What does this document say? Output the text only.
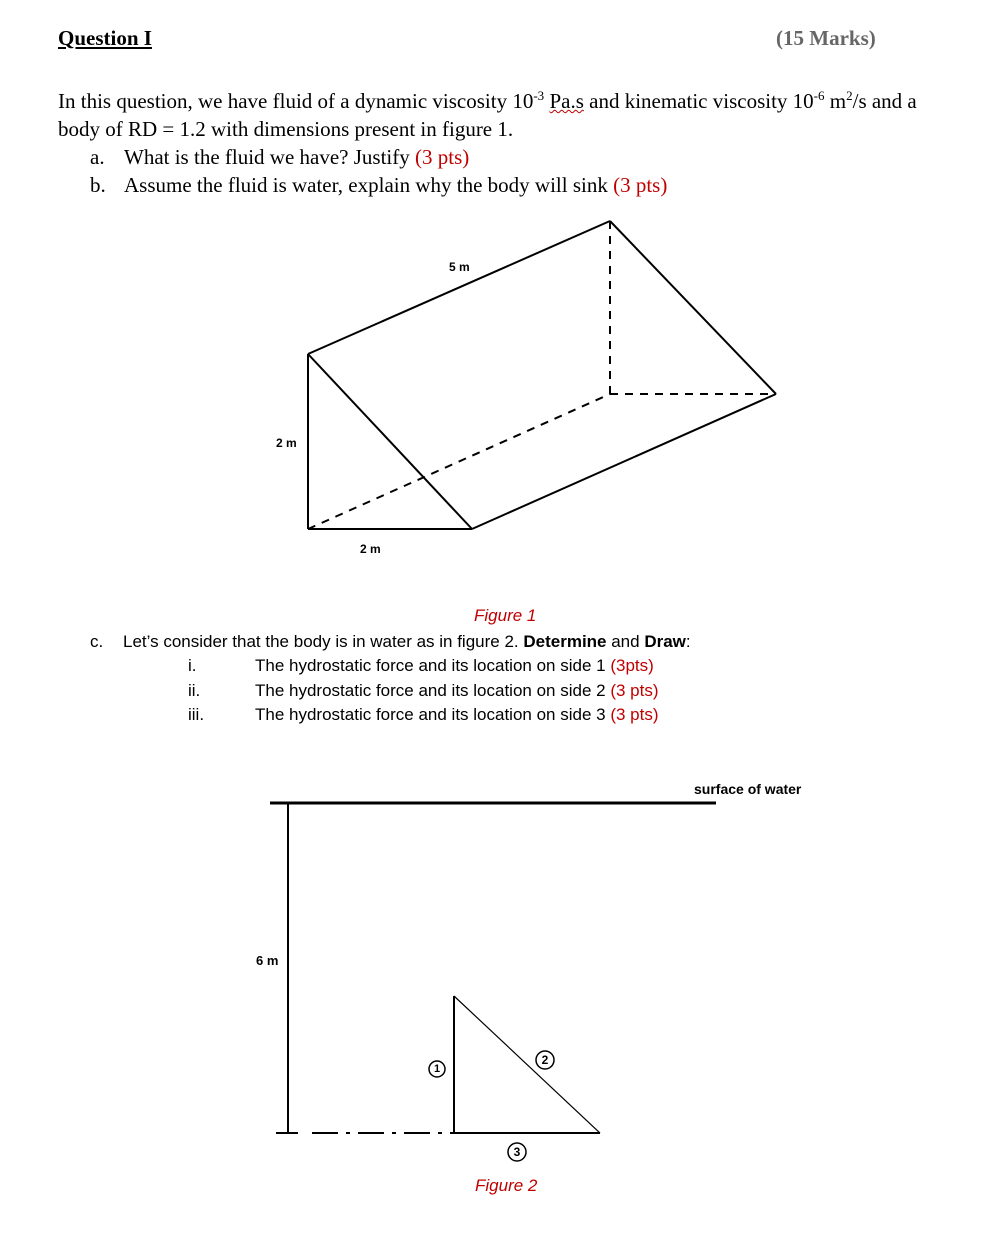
Question I	(15 Marks)
In this question, we have fluid of a dynamic viscosity $10^{-3}$ Pa.s and kinematic viscosity $10^{-6}$ $m^2/s$ and a
body of RD = 1.2 with dimensions present in figure 1.
a. What is the fluid we have? Justify (3 pts)
b. Assume the fluid is water, explain why the body will sink (3 pts)
5 m
2 m
2 m
Figure 1
c. Let’s consider that the body is in water as in figure 2. Determine and Draw:
i.	The hydrostatic force and its location on side 1 (3pts)
ii.	The hydrostatic force and its location on side 2 (3 pts)
iii.	The hydrostatic force and its location on side 3 (3 pts)
1
2
3
surface of water
6 m
Figure 2
